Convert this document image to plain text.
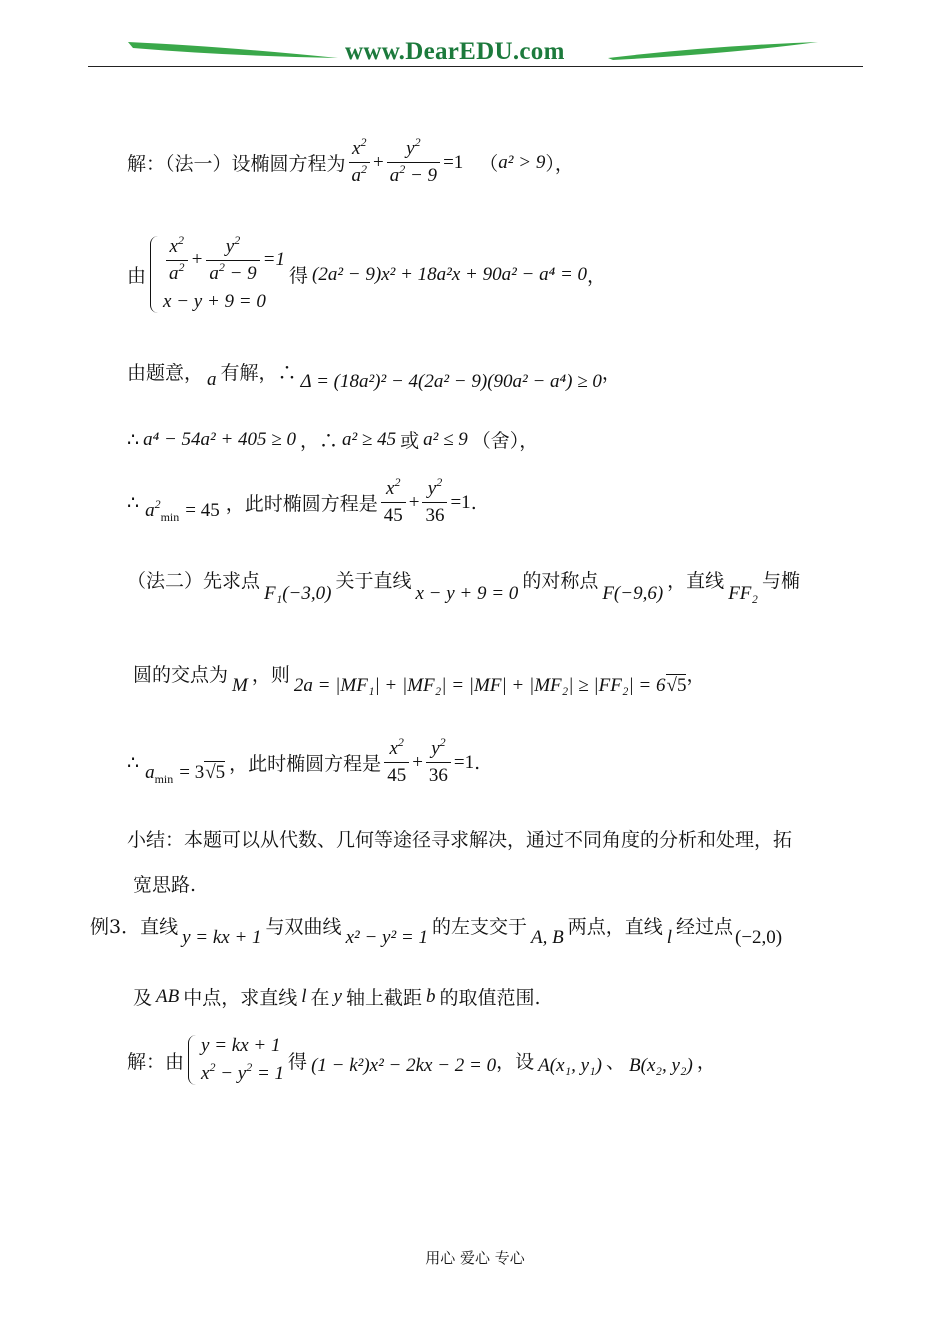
www.DearEDU.com
解：（法一）设椭圆方程为 $\frac{x^2}{a^2} + \frac{y^2}{a^2 - 9} =1$ （ a² > 9 ），
由 $\frac{x^2}{a^2} + \frac{y^2}{a^2 - 9} =1$
x − y + 9 = 0
得 (2a² − 9)x² + 18a²x + 90a² − a⁴ = 0 ，
由题意， a 有解，∴ Δ = (18a²)² − 4(2a² − 9)(90a² − a⁴) ≥ 0 ，
∴ a⁴ − 54a² + 405 ≥ 0 ，∴ a² ≥ 45 或 a² ≤ 9 （舍），
∴ $a^2_{min} = 45$ ，此时椭圆方程是 $\frac{x^2}{45} + \frac{y^2}{36} =1$ .
（法二）先求点
F₁(−3,0)
关于直线
x − y + 9 = 0
的对称点
F(−9,6)
，直线
FF₂
与椭
圆的交点为 M ，则 2a = |MF₁| + |MF₂| = |MF| + |MF₂| ≥ |FF₂| = 6 √5 ，
∴ $a_{min} = 3$ √5 ，此时椭圆方程是 $\frac{x^2}{45} + \frac{y^2}{36} =1$ .
小结：本题可以从代数、几何等途径寻求解决，通过不同角度的分析和处理，拓
宽思路.
例3．直线 y = kx + 1 与双曲线 x² − y² = 1 的左支交于 A, B 两点，直线 l 经过点 (−2,0)
及 AB 中点，求直线 l 在 y 轴上截距 b 的取值范围.
解：由
y = kx + 1
$x^2 - y^2 = 1$
得 (1 − k²)x² − 2kx − 2 = 0 ，设 A(x₁, y₁) 、 B(x₂, y₂) ，
用心 爱心 专心
